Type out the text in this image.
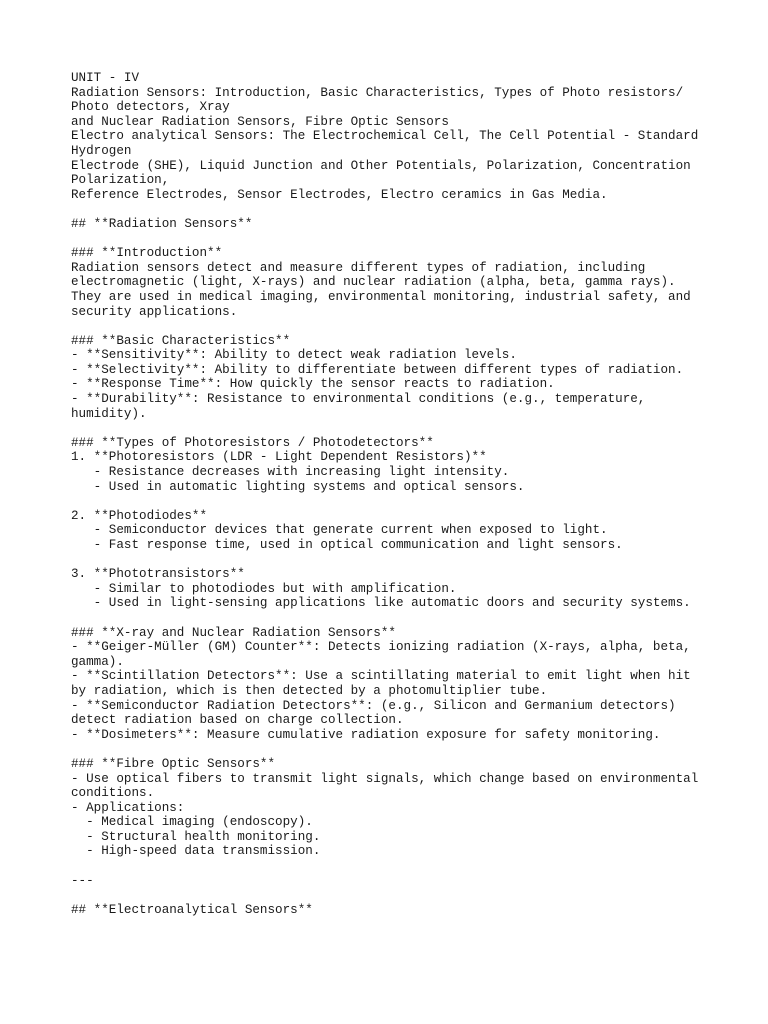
UNIT - IV
Radiation Sensors: Introduction, Basic Characteristics, Types of Photo resistors/
Photo detectors, Xray
and Nuclear Radiation Sensors, Fibre Optic Sensors
Electro analytical Sensors: The Electrochemical Cell, The Cell Potential - Standard
Hydrogen
Electrode (SHE), Liquid Junction and Other Potentials, Polarization, Concentration
Polarization,
Reference Electrodes, Sensor Electrodes, Electro ceramics in Gas Media.
## **Radiation Sensors**
### **Introduction**
Radiation sensors detect and measure different types of radiation, including
electromagnetic (light, X-rays) and nuclear radiation (alpha, beta, gamma rays).
They are used in medical imaging, environmental monitoring, industrial safety, and
security applications.
### **Basic Characteristics**
- **Sensitivity**: Ability to detect weak radiation levels.
- **Selectivity**: Ability to differentiate between different types of radiation.
- **Response Time**: How quickly the sensor reacts to radiation.
- **Durability**: Resistance to environmental conditions (e.g., temperature,
humidity).
### **Types of Photoresistors / Photodetectors**
1. **Photoresistors (LDR - Light Dependent Resistors)**
- Resistance decreases with increasing light intensity.
- Used in automatic lighting systems and optical sensors.
2. **Photodiodes**
- Semiconductor devices that generate current when exposed to light.
- Fast response time, used in optical communication and light sensors.
3. **Phototransistors**
- Similar to photodiodes but with amplification.
- Used in light-sensing applications like automatic doors and security systems.
### **X-ray and Nuclear Radiation Sensors**
- **Geiger-Müller (GM) Counter**: Detects ionizing radiation (X-rays, alpha, beta,
gamma).
- **Scintillation Detectors**: Use a scintillating material to emit light when hit
by radiation, which is then detected by a photomultiplier tube.
- **Semiconductor Radiation Detectors**: (e.g., Silicon and Germanium detectors)
detect radiation based on charge collection.
- **Dosimeters**: Measure cumulative radiation exposure for safety monitoring.
### **Fibre Optic Sensors**
- Use optical fibers to transmit light signals, which change based on environmental
conditions.
- Applications:
- Medical imaging (endoscopy).
- Structural health monitoring.
- High-speed data transmission.
---
## **Electroanalytical Sensors**
